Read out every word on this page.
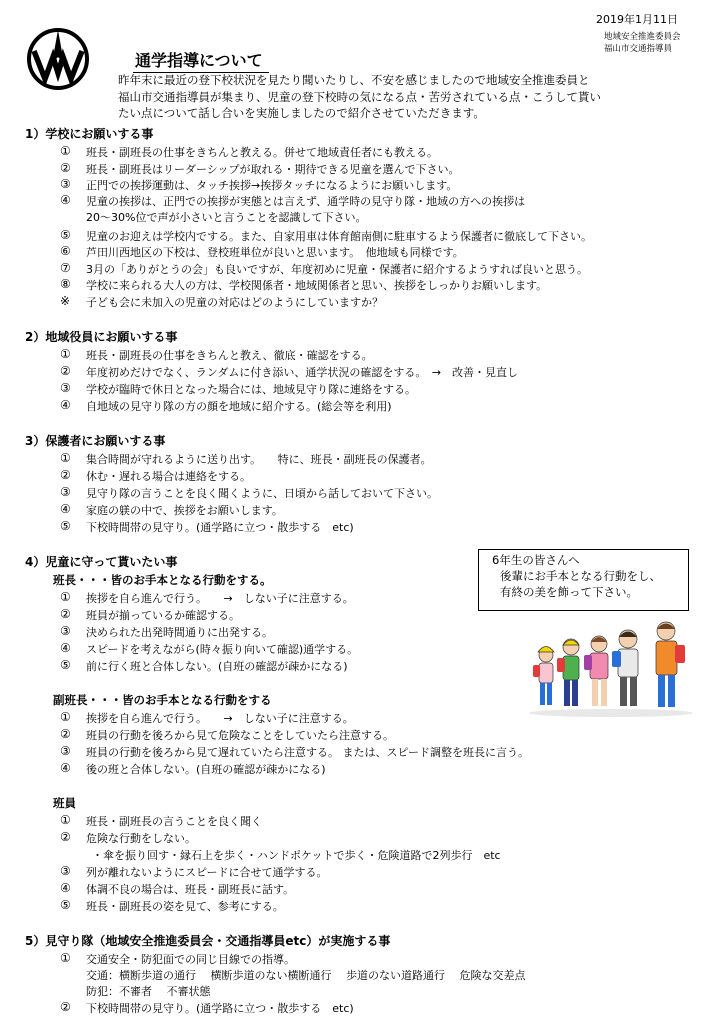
2019年1月11日
地域安全推進委員会
福山市交通指導員
通学指導について
昨年末に最近の登下校状況を見たり聞いたりし、不安を感じましたので地域安全推進委員と
福山市交通指導員が集まり、児童の登下校時の気になる点・苦労されている点・こうして貰い
たい点について話し合いを実施しましたので紹介させていただきます。
1）学校にお願いする事
① 班長・副班長の仕事をきちんと教える。併せて地域責任者にも教える。
② 班長・副班長はリーダーシップが取れる・期待できる児童を選んで下さい。
③ 正門での挨拶運動は、タッチ挨拶→挨拶タッチになるようにお願いします。
④ 児童の挨拶は、正門での挨拶が実態とは言えず、通学時の見守り隊・地域の方への挨拶は
20～30%位で声が小さいと言うことを認識して下さい。
⑤ 児童のお迎えは学校内でする。また、自家用車は体育館南側に駐車するよう保護者に徹底して下さい。
⑥ 芦田川西地区の下校は、登校班単位が良いと思います。　他地域も同様です。
⑦ 3月の「ありがとうの会」も良いですが、年度初めに児童・保護者に紹介するようすれば良いと思う。
⑧ 学校に来られる大人の方は、学校関係者・地域関係者と思い、挨拶をしっかりお願いします。
※ 子ども会に未加入の児童の対応はどのようにしていますか？
2）地域役員にお願いする事
① 班長・副班長の仕事をきちんと教え、徹底・確認をする。
② 年度初めだけでなく、ランダムに付き添い、通学状況の確認をする。　→　改善・見直し
③ 学校が臨時で休日となった場合には、地域見守り隊に連絡をする。
④ 自地域の見守り隊の方の顔を地域に紹介する。(総会等を利用)
3）保護者にお願いする事
① 集合時間が守れるように送り出す。　　特に、班長・副班長の保護者。
② 休む・遅れる場合は連絡をする。
③ 見守り隊の言うことを良く聞くように、日頃から話しておいて下さい。
④ 家庭の躾の中で、挨拶をお願いします。
⑤ 下校時間帯の見守り。(通学路に立つ・散歩する　etc)
4）児童に守って貰いたい事
班長・・・皆のお手本となる行動をする。
① 挨拶を自ら進んで行う。　　→　しない子に注意する。
② 班員が揃っているか確認する。
③ 決められた出発時間通りに出発する。
④ スピードを考えながら(時々振り向いて確認)通学する。
⑤ 前に行く班と合体しない。(自班の確認が疎かになる)
6年生の皆さんへ
後輩にお手本となる行動をし、
有終の美を飾って下さい。
副班長・・・皆のお手本となる行動をする
① 挨拶を自ら進んで行う。　　→　しない子に注意する。
② 班員の行動を後ろから見て危険なことをしていたら注意する。
③ 班員の行動を後ろから見て遅れていたら注意する。 または、スピード調整を班長に言う。
④ 後の班と合体しない。(自班の確認が疎かになる)
班員
① 班長・副班長の言うことを良く聞く
② 危険な行動をしない。
・傘を振り回す・縁石上を歩く・ハンドポケットで歩く・危険道路で2列歩行　etc
③ 列が離れないようにスピードに合せて通学する。
④ 体調不良の場合は、班長・副班長に話す。
⑤ 班長・副班長の姿を見て、参考にする。
5）見守り隊（地域安全推進委員会・交通指導員etc）が実施する事
① 交通安全・防犯面での同じ目線での指導。
交通：横断歩道の通行　 横断歩道のない横断通行　 歩道のない道路通行　 危険な交差点
防犯：不審者　 不審状態
② 下校時間帯の見守り。(通学路に立つ・散歩する　etc)
